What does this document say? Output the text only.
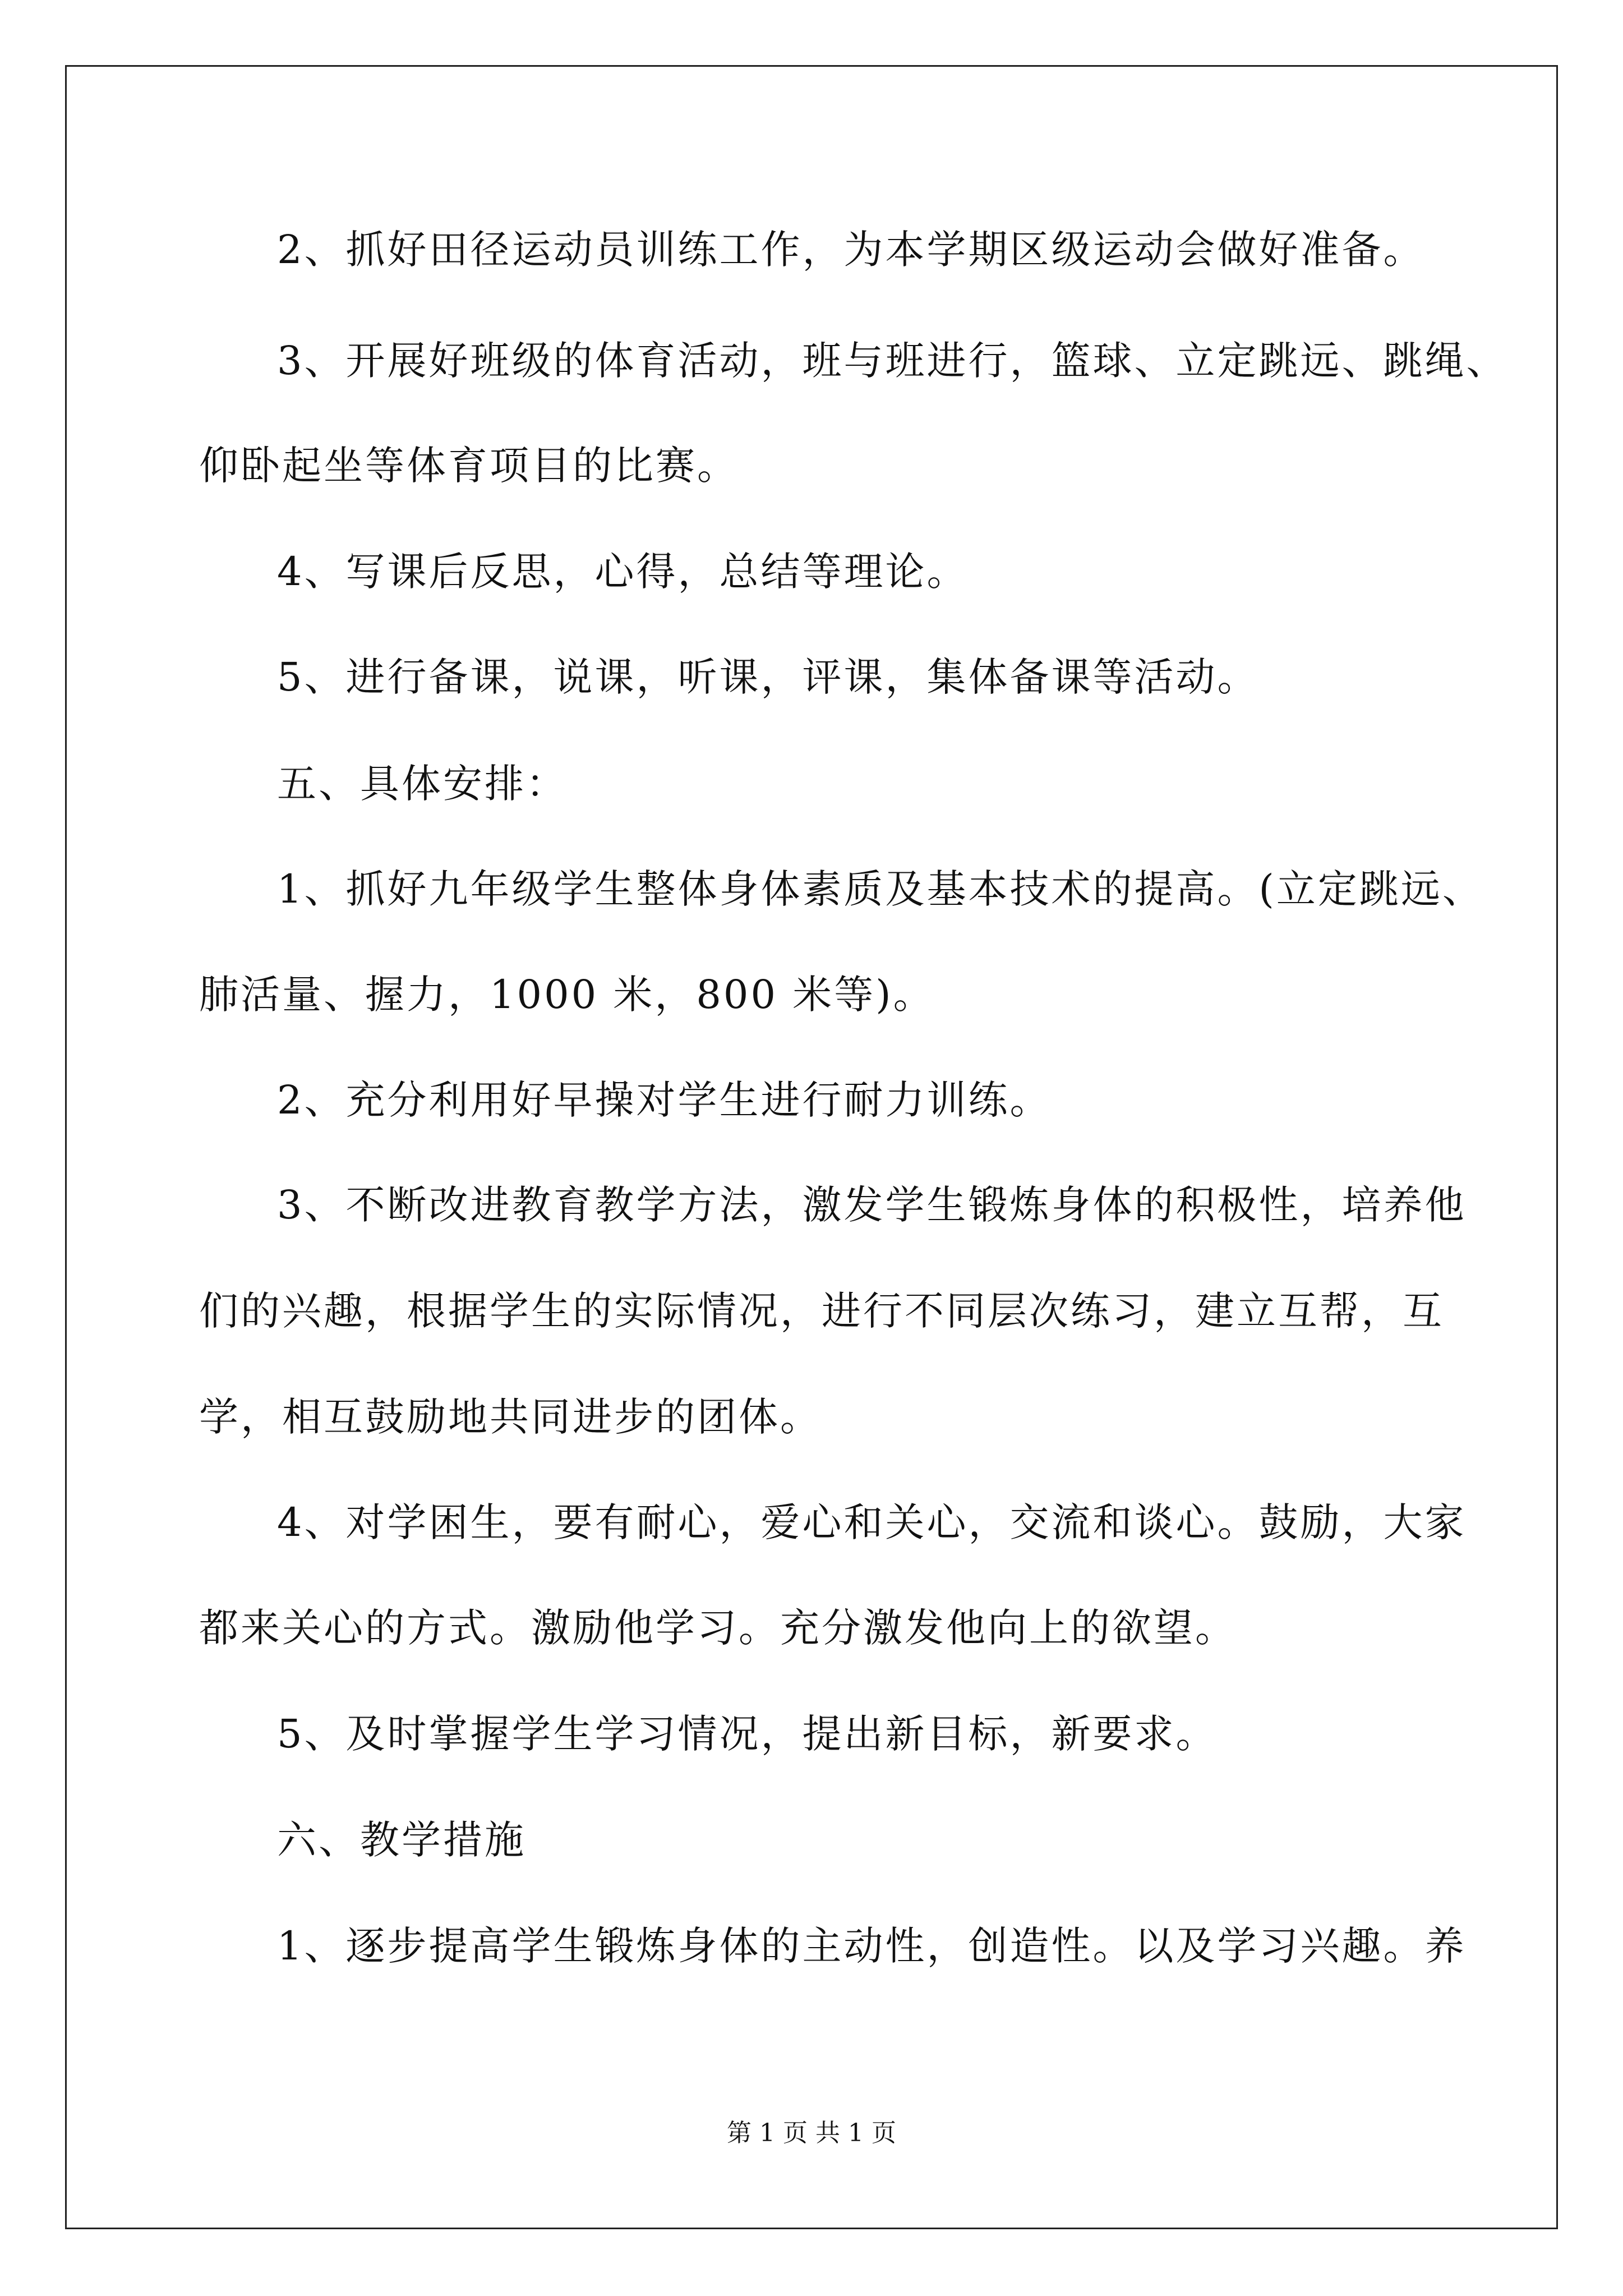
2、抓好田径运动员训练工作，为本学期区级运动会做好准备。
3、开展好班级的体育活动，班与班进行，篮球、立定跳远、跳绳、
仰卧起坐等体育项目的比赛。
4、写课后反思，心得，总结等理论。
5、进行备课，说课，听课，评课，集体备课等活动。
五、具体安排：
1、抓好九年级学生整体身体素质及基本技术的提高。(立定跳远、
肺活量、握力，1000 米，800 米等)。
2、充分利用好早操对学生进行耐力训练。
3、不断改进教育教学方法，激发学生锻炼身体的积极性，培养他
们的兴趣，根据学生的实际情况，进行不同层次练习，建立互帮，互
学，相互鼓励地共同进步的团体。
4、对学困生，要有耐心，爱心和关心，交流和谈心。鼓励，大家
都来关心的方式。激励他学习。充分激发他向上的欲望。
5、及时掌握学生学习情况，提出新目标，新要求。
六、教学措施
1、逐步提高学生锻炼身体的主动性，创造性。以及学习兴趣。养
第 1 页 共 1 页
